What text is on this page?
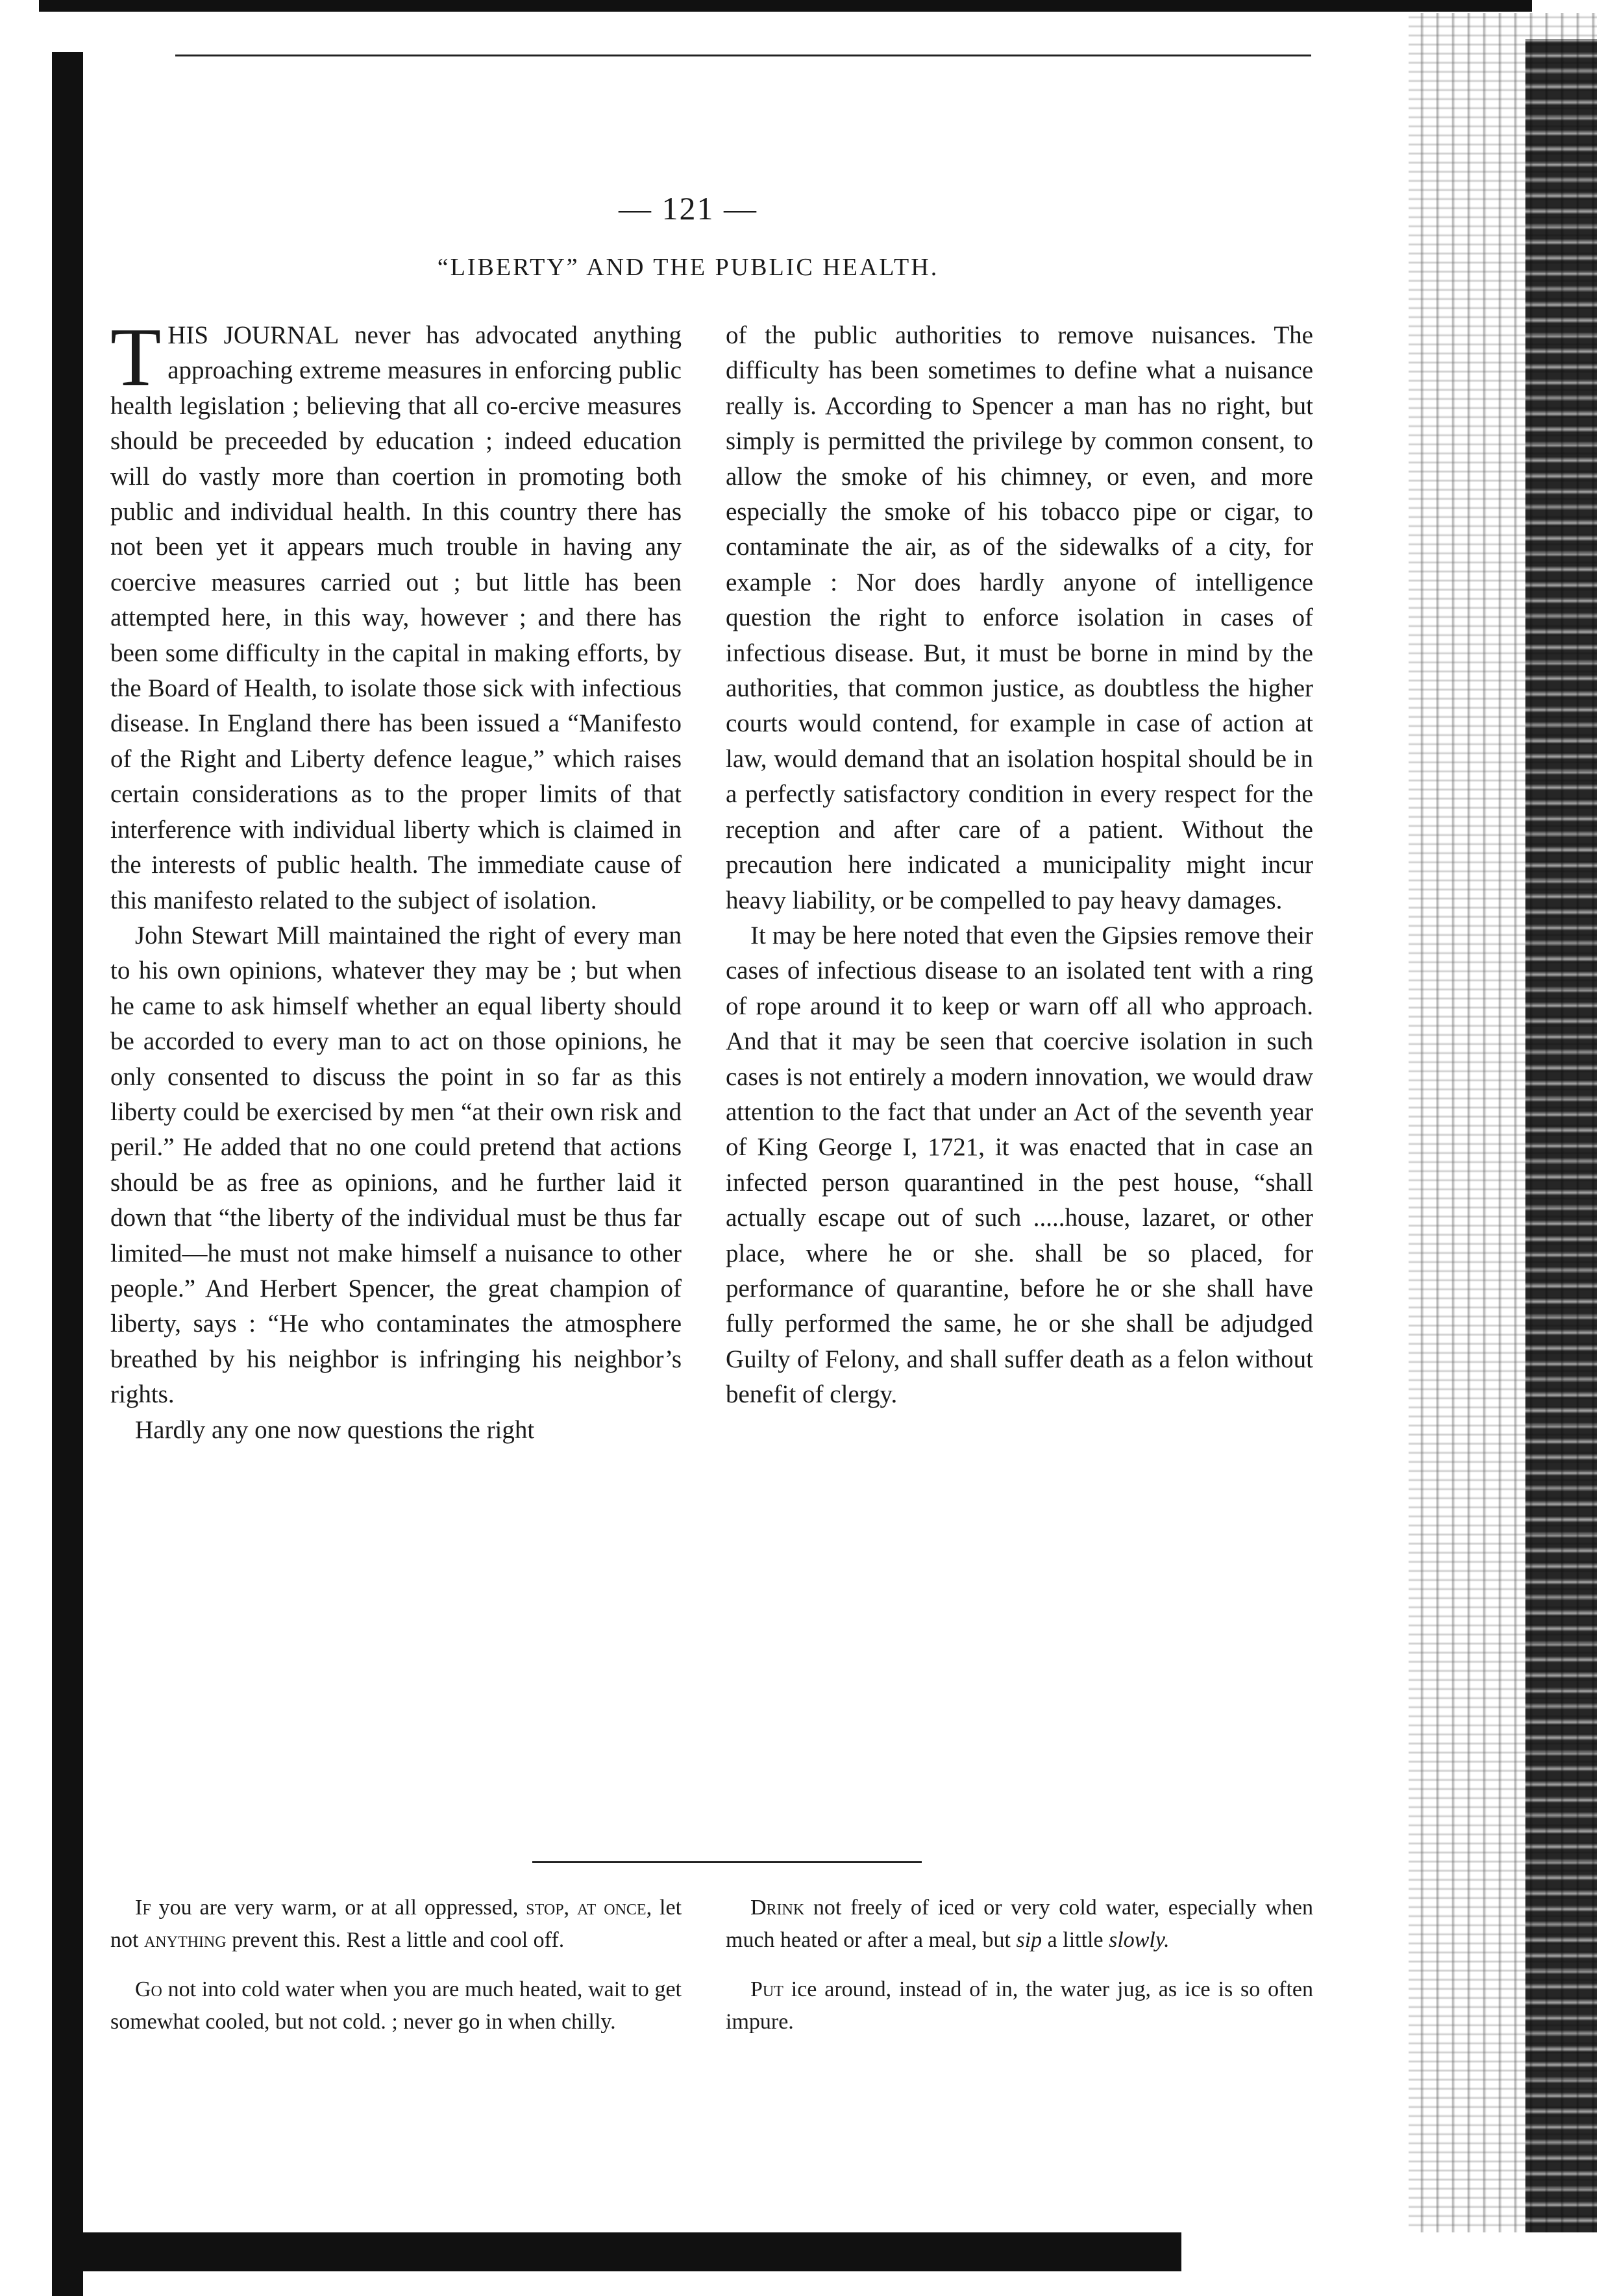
— 121 —
“LIBERTY” AND THE PUBLIC HEALTH.

THIS JOURNAL never has advocated anything approaching extreme measures in enforcing public health legislation ; believing that all co-ercive measures should be preceeded by education ; indeed education will do vastly more than coertion in promoting both public and individual health. In this country there has not been yet it appears much trouble in having any coercive measures carried out ; but little has been attempted here, in this way, however ; and there has been some difficulty in the capital in making efforts, by the Board of Health, to isolate those sick with infectious disease. In England there has been issued a “Manifesto of the Right and Liberty defence league,” which raises certain considerations as to the proper limits of that interference with individual liberty which is claimed in the interests of public health. The immediate cause of this manifesto related to the subject of isolation.

John Stewart Mill maintained the right of every man to his own opinions, whatever they may be ; but when he came to ask himself whether an equal liberty should be accorded to every man to act on those opinions, he only consented to discuss the point in so far as this liberty could be exercised by men “at their own risk and peril.” He added that no one could pretend that actions should be as free as opinions, and he further laid it down that “the liberty of the individual must be thus far limited—he must not make himself a nuisance to other people.” And Herbert Spencer, the great champion of liberty, says : “He who contaminates the atmosphere breathed by his neighbor is infringing his neighbor’s rights.

Hardly any one now questions the right

of the public authorities to remove nuisances. The difficulty has been sometimes to define what a nuisance really is. According to Spencer a man has no right, but simply is permitted the privilege by common consent, to allow the smoke of his chimney, or even, and more especially the smoke of his tobacco pipe or cigar, to contaminate the air, as of the sidewalks of a city, for example : Nor does hardly anyone of intelligence question the right to enforce isolation in cases of infectious disease. But, it must be borne in mind by the authorities, that common justice, as doubtless the higher courts would contend, for example in case of action at law, would demand that an isolation hospital should be in a perfectly satisfactory condition in every respect for the reception and after care of a patient. Without the precaution here indicated a municipality might incur heavy liability, or be compelled to pay heavy damages.

It may be here noted that even the Gipsies remove their cases of infectious disease to an isolated tent with a ring of rope around it to keep or warn off all who approach. And that it may be seen that coercive isolation in such cases is not entirely a modern innovation, we would draw attention to the fact that under an Act of the seventh year of King George I, 1721, it was enacted that in case an infected person quarantined in the pest house, “shall actually escape out of such .....house, lazaret, or other place, where he or she. shall be so placed, for performance of quarantine, before he or she shall have fully performed the same, he or she shall be adjudged Guilty of Felony, and shall suffer death as a felon without benefit of clergy.

If you are very warm, or at all oppressed, stop, at once, let not anything prevent this. Rest a little and cool off.

Go not into cold water when you are much heated, wait to get somewhat cooled, but not cold. ; never go in when chilly.

Drink not freely of iced or very cold water, especially when much heated or after a meal, but sip a little slowly.

Put ice around, instead of in, the water jug, as ice is so often impure.
